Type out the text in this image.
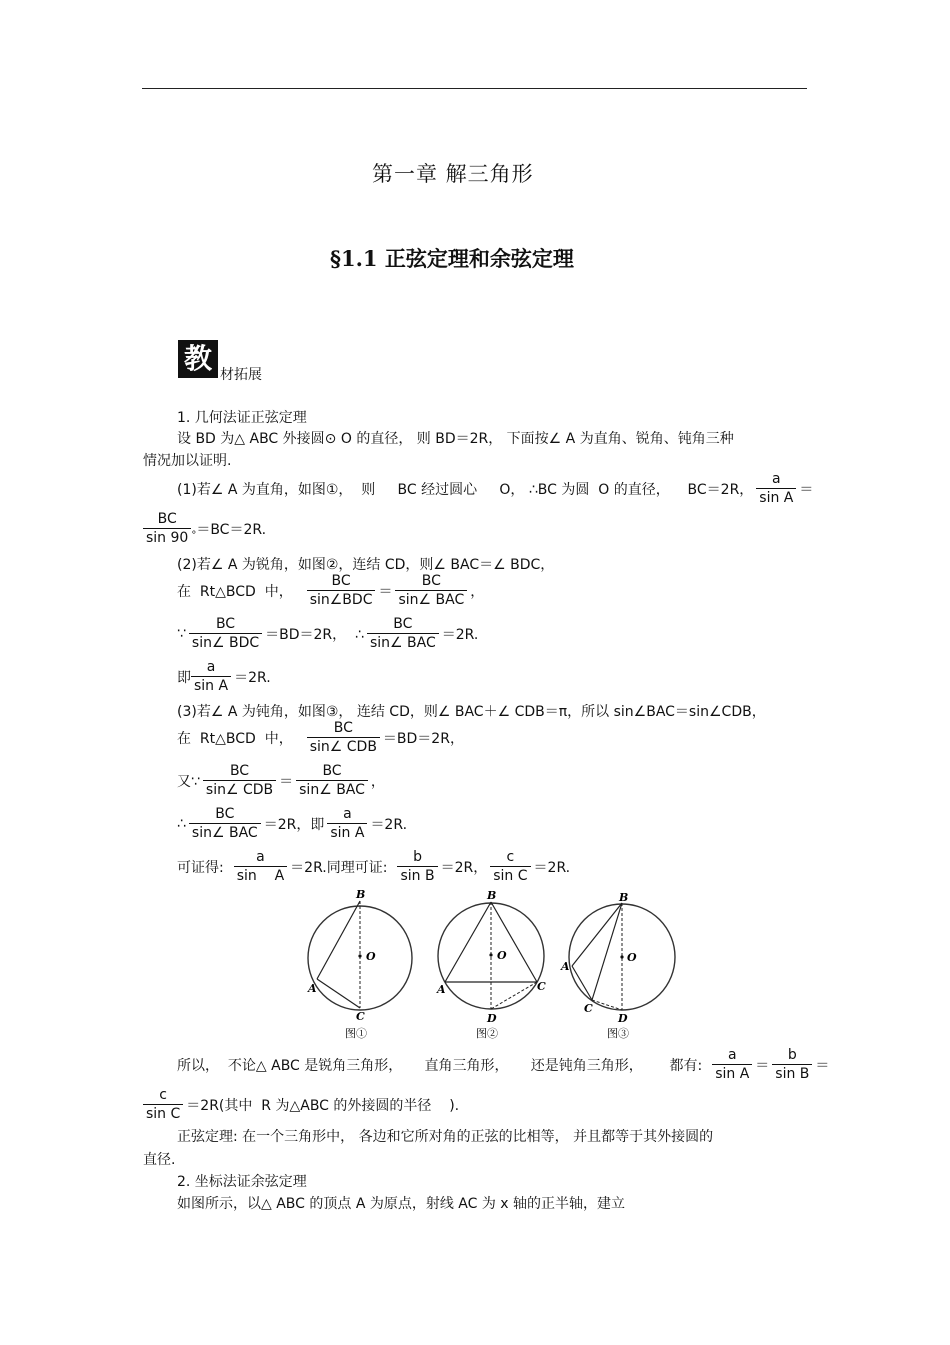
第一章 解三角形
§1.1 正弦定理和余弦定理
教 材拓展
1. 几何法证正弦定理
设 BD 为△ ABC 外接圆⊙ O 的直径， 则 BD＝2R， 下面按∠ A 为直角、锐角、钝角三种
情况加以证明.
(1)若∠ A 为直角，如图①，  则     BC 经过圆心     O， ∴BC 为圆  O 的直径，    BC＝2R， $\frac{a}{\text{sin A}}$ ＝
$\frac{BC}{\sin 90}$ ° ＝BC＝2R.
(2)若∠ A 为锐角，如图②，连结 CD，则∠ BAC＝∠ BDC，
在  Rt△BCD  中， $\frac{BC}{\text{sin∠BDC}} = \frac{BC}{\text{sin∠ BAC}}$ ，
∵ $\frac{BC}{\text{sin∠ BDC}} =BD=2R$，  ∴ $\frac{BC}{\text{sin∠ BAC}} =2R$.
即 $\frac{a}{\text{sin A}} =2R$.
(3)若∠ A 为钝角，如图③， 连结 CD，则∠ BAC＋∠ CDB＝π，所以 sin∠BAC＝sin∠CDB，
在  Rt△BCD  中， $\frac{BC}{\text{sin∠ CDB}} =BD=2R$，
又∵ $\frac{BC}{\text{sin∠ CDB}} = \frac{BC}{\text{sin∠ BAC}}$ ，
∴ $\frac{BC}{\text{sin∠ BAC}} =2R$，即 $\frac{a}{\text{sin A}} =2R$.
可证得: $\frac{a}{\text{sin    A}} =2R$.同理可证: $\frac{b}{\text{sin B}} =2R$， $\frac{c}{\text{sin C}} =2R$.
B
O
A
C
图①
B
O
A	C
D
图②
B
O
A
C
D
图③
所以，  不论△ ABC 是锐角三角形，     直角三角形，     还是钝角三角形，      都有: $\frac{a}{\text{sin A}} = \frac{b}{\text{sin B}}$ ＝
$\frac{c}{\text{sin C}} =2R$(其中  R 为△ABC 的外接圆的半径    ).
正弦定理: 在一个三角形中， 各边和它所对角的正弦的比相等， 并且都等于其外接圆的
直径.
2. 坐标法证余弦定理
如图所示，以△ ABC 的顶点 A 为原点，射线 AC 为 x 轴的正半轴，建立
